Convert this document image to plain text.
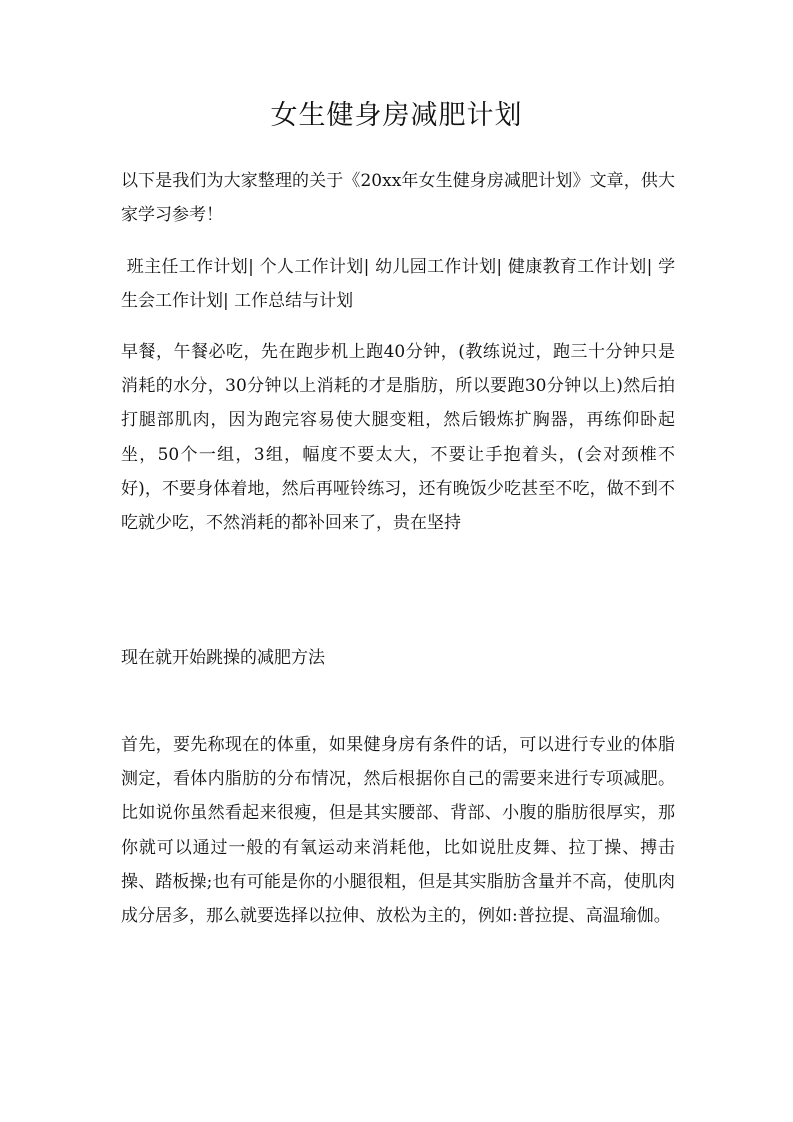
女生健身房减肥计划

以下是我们为大家整理的关于《20xx年女生健身房减肥计划》文章，供大家学习参考！

班主任工作计划| 个人工作计划| 幼儿园工作计划| 健康教育工作计划| 学生会工作计划| 工作总结与计划

早餐，午餐必吃，先在跑步机上跑40分钟，(教练说过，跑三十分钟只是消耗的水分，30分钟以上消耗的才是脂肪，所以要跑30分钟以上)然后拍打腿部肌肉，因为跑完容易使大腿变粗，然后锻炼扩胸器，再练仰卧起坐，50个一组，3组，幅度不要太大，不要让手抱着头，(会对颈椎不好)，不要身体着地，然后再哑铃练习，还有晚饭少吃甚至不吃，做不到不吃就少吃，不然消耗的都补回来了，贵在坚持

现在就开始跳操的减肥方法

首先，要先称现在的体重，如果健身房有条件的话，可以进行专业的体脂测定，看体内脂肪的分布情况，然后根据你自己的需要来进行专项减肥。比如说你虽然看起来很瘦，但是其实腰部、背部、小腹的脂肪很厚实，那你就可以通过一般的有氧运动来消耗他，比如说肚皮舞、拉丁操、搏击操、踏板操;也有可能是你的小腿很粗，但是其实脂肪含量并不高，使肌肉成分居多，那么就要选择以拉伸、放松为主的，例如:普拉提、高温瑜伽。
